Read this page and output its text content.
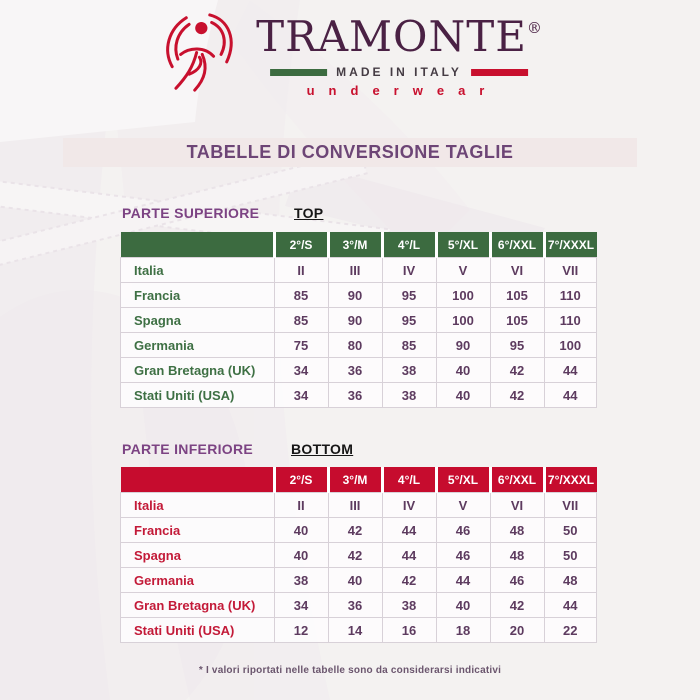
TRAMONTE®
MADE IN ITALY
underwear
TABELLE DI CONVERSIONE TAGLIE
PARTE SUPERIORE TOP
	2°/S	3°/M	4°/L	5°/XL	6°/XXL	7°/XXXL
Italia	II	III	IV	V	VI	VII
Francia	85	90	95	100	105	110
Spagna	85	90	95	100	105	110
Germania	75	80	85	90	95	100
Gran Bretagna (UK)	34	36	38	40	42	44
Stati Uniti (USA)	34	36	38	40	42	44
PARTE INFERIORE	BOTTOM
	2°/S	3°/M	4°/L	5°/XL	6°/XXL	7°/XXXL
Italia	II	III	IV	V	VI	VII
Francia	40	42	44	46	48	50
Spagna	40	42	44	46	48	50
Germania	38	40	42	44	46	48
Gran Bretagna (UK)	34	36	38	40	42	44
Stati Uniti (USA)	12	14	16	18	20	22
* I valori riportati nelle tabelle sono da considerarsi indicativi
